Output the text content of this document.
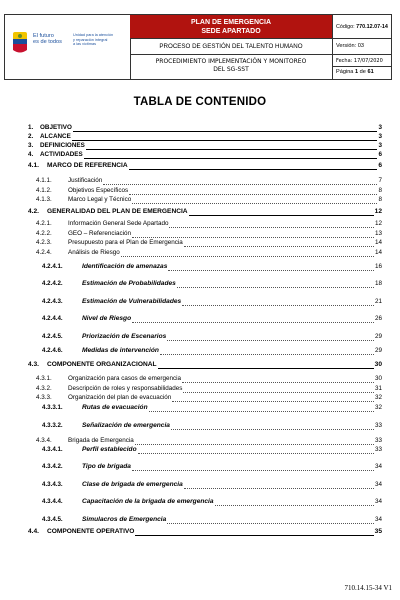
El futuro
es de todos
Unidad para la atención
y reparación integral
a las víctimas
PLAN DE EMERGENCIA
SEDE APARTADO
PROCESO DE GESTIÓN DEL TALENTO HUMANO
PROCEDIMIENTO IMPLEMENTACIÓN Y MONITOREO
DEL SG-SST
Código: 770.12.07-14
Versión: 03
Fecha: 17/07/2020
Página 1 de 61
TABLA DE CONTENIDO
1. OBJETIVO	3
2. ALCANCE	3
3. DEFINICIONES	3
4. ACTIVIDADES	6
4.1. MARCO DE REFERENCIA	6
4.1.1.	Justificación	7
4.1.2.	Objetivos Específicos	8
4.1.3.	Marco Legal y Técnico	8
4.2. GENERALIDAD DEL PLAN DE EMERGENCIA	12
4.2.1.	Información General Sede Apartado	12
4.2.2.	GEO – Referenciación	13
4.2.3.	Presupuesto para el Plan de Emergencia	14
4.2.4.	Análisis de Riesgo	14
4.2.4.1.	Identificación de amenazas	16
4.2.4.2.	Estimación de Probabilidades	18
4.2.4.3.	Estimación de Vulnerabilidades	21
4.2.4.4.	Nivel de Riesgo	26
4.2.4.5.	Priorización de Escenarios	29
4.2.4.6.	Medidas de intervención	29
4.3. COMPONENTE ORGANIZACIONAL	30
4.3.1.	Organización para casos de emergencia	30
4.3.2.	Descripción de roles y responsabilidades	31
4.3.3.	Organización del plan de evacuación	32
4.3.3.1.	Rutas de evacuación	32
4.3.3.2.	Señalización de emergencia	33
4.3.4.	Brigada de Emergencia	33
4.3.4.1.	Perfil establecido	33
4.3.4.2.	Tipo de brigada	34
4.3.4.3.	Clase de brigada de emergencia	34
4.3.4.4.	Capacitación de la brigada de emergencia	34
4.3.4.5.	Simulacros de Emergencia	34
4.4. COMPONENTE OPERATIVO	35
710.14.15-34 V1
